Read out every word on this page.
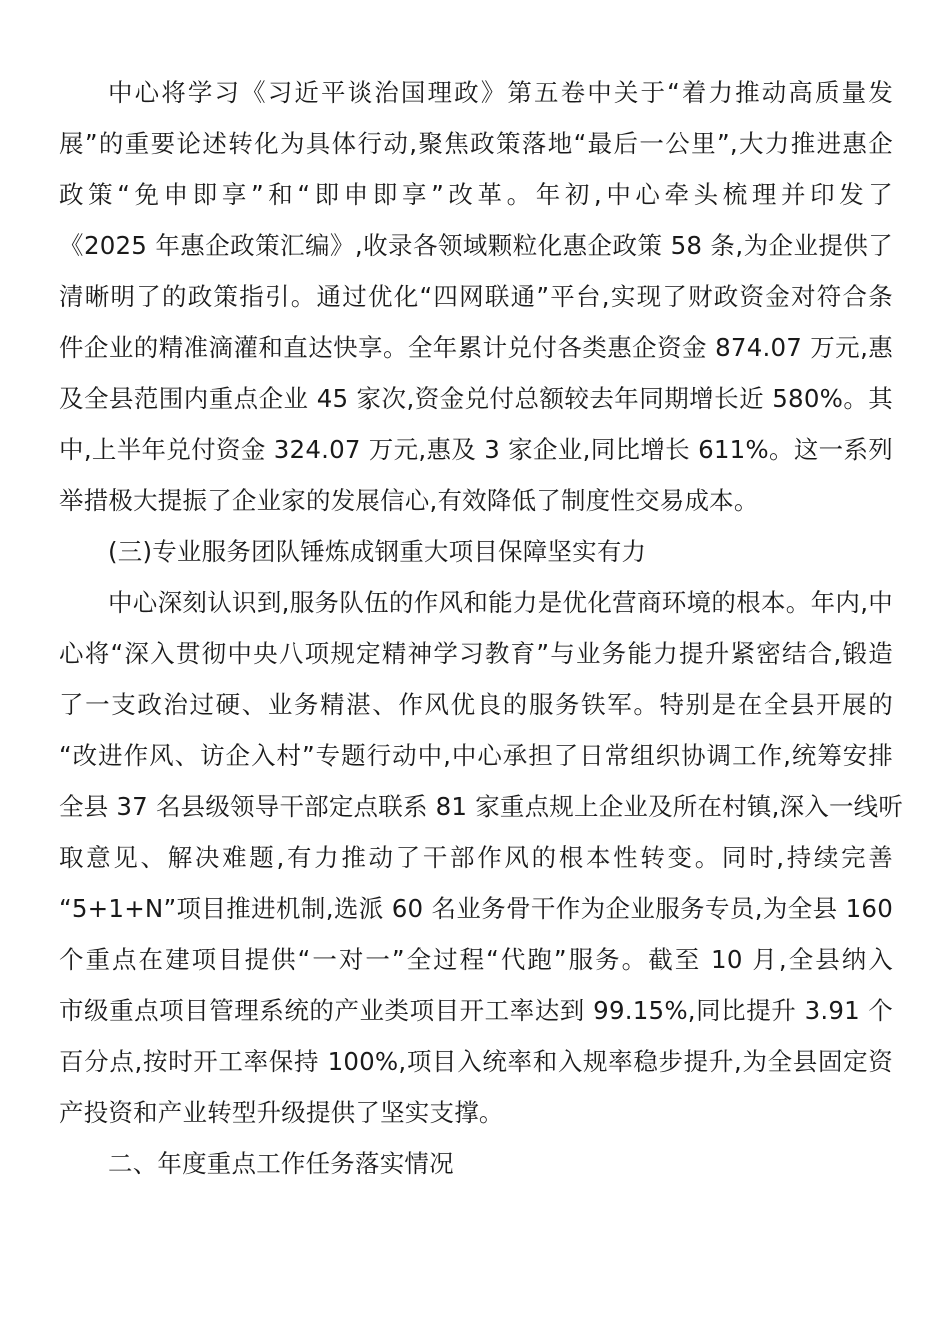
中心将学习《习近平谈治国理政》第五卷中关于“着力推动高质量发
展”的重要论述转化为具体行动,聚焦政策落地“最后一公里”,大力推进惠企
政策“免申即享”和“即申即享”改革。年初,中心牵头梳理并印发了
《2025 年惠企政策汇编》,收录各领域颗粒化惠企政策 58 条,为企业提供了
清晰明了的政策指引。通过优化“四网联通”平台,实现了财政资金对符合条
件企业的精准滴灌和直达快享。全年累计兑付各类惠企资金 874.07 万元,惠
及全县范围内重点企业 45 家次,资金兑付总额较去年同期增长近 580%。其
中,上半年兑付资金 324.07 万元,惠及 3 家企业,同比增长 611%。这一系列
举措极大提振了企业家的发展信心,有效降低了制度性交易成本。
(三)专业服务团队锤炼成钢重大项目保障坚实有力
中心深刻认识到,服务队伍的作风和能力是优化营商环境的根本。年内,中
心将“深入贯彻中央八项规定精神学习教育”与业务能力提升紧密结合,锻造
了一支政治过硬、业务精湛、作风优良的服务铁军。特别是在全县开展的
“改进作风、访企入村”专题行动中,中心承担了日常组织协调工作,统筹安排
全县 37 名县级领导干部定点联系 81 家重点规上企业及所在村镇,深入一线听
取意见、解决难题,有力推动了干部作风的根本性转变。同时,持续完善
“5+1+N”项目推进机制,选派 60 名业务骨干作为企业服务专员,为全县 160
个重点在建项目提供“一对一”全过程“代跑”服务。截至 10 月,全县纳入
市级重点项目管理系统的产业类项目开工率达到 99.15%,同比提升 3.91 个
百分点,按时开工率保持 100%,项目入统率和入规率稳步提升,为全县固定资
产投资和产业转型升级提供了坚实支撑。
二、年度重点工作任务落实情况
